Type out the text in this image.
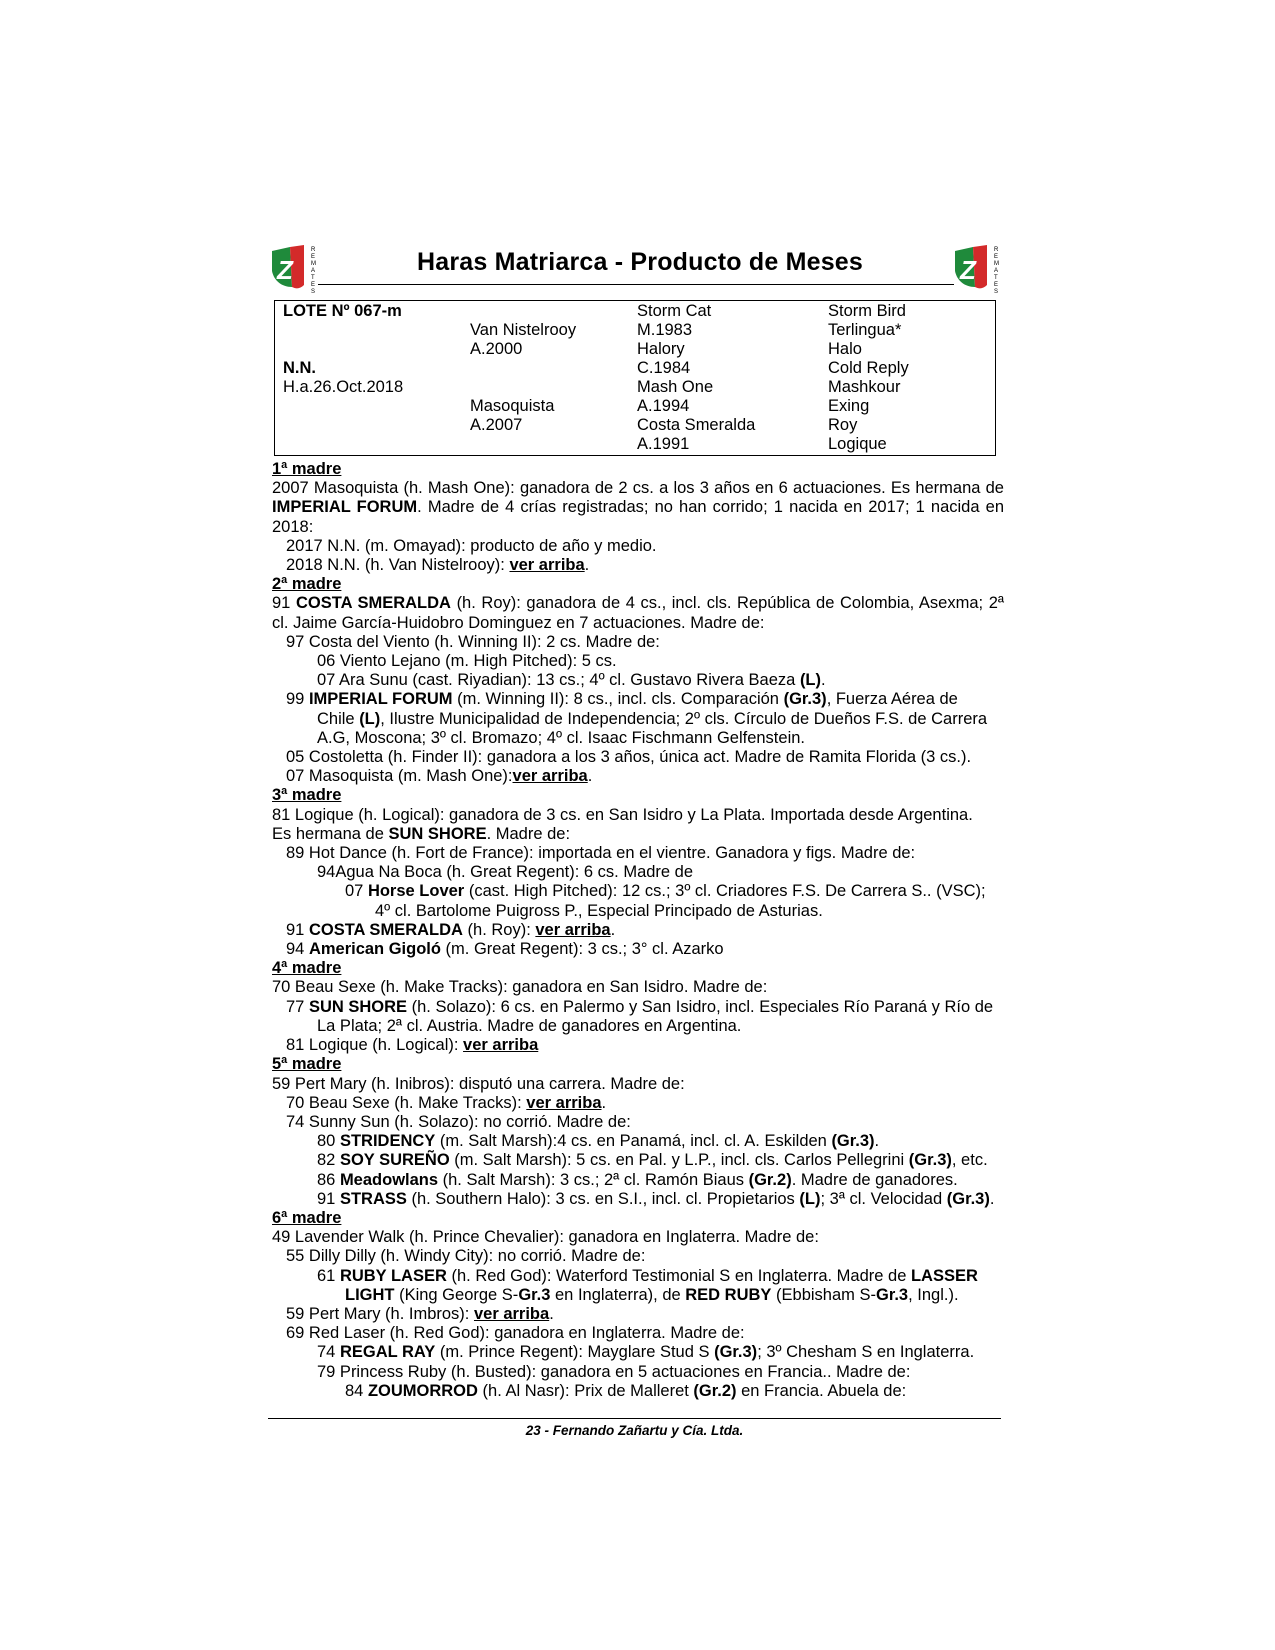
Z
R
E
M
A
T
E
S
Z
R
E
M
A
T
E
S
Haras Matriarca - Producto de Meses
LOTE Nº 067-m
N.N.
H.a.26.Oct.2018
Van Nistelrooy
A.2000
Masoquista
A.2007
Storm Cat
M.1983
Halory
C.1984
Mash One
A.1994
Costa Smeralda
A.1991
Storm Bird
Terlingua*
Halo
Cold Reply
Mashkour
Exing
Roy
Logique
1ª madre
2007 Masoquista (h. Mash One): ganadora de 2 cs. a los 3 años en 6 actuaciones. Es hermana de IMPERIAL FORUM. Madre de 4 crías registradas; no han corrido; 1 nacida en 2017; 1 nacida en 2018:
2017 N.N. (m. Omayad): producto de año y medio.
2018 N.N. (h. Van Nistelrooy): ver arriba.
2ª madre
91 COSTA SMERALDA (h. Roy): ganadora de 4 cs., incl. cls. República de Colombia, Asexma; 2ª cl. Jaime García-Huidobro Dominguez en 7 actuaciones. Madre de:
97 Costa del Viento (h. Winning II): 2 cs. Madre de:
06 Viento Lejano (m. High Pitched): 5 cs.
07 Ara Sunu (cast. Riyadian): 13 cs.; 4º cl. Gustavo Rivera Baeza (L).
99 IMPERIAL FORUM (m. Winning II): 8 cs., incl. cls. Comparación (Gr.3), Fuerza Aérea de
Chile (L), Ilustre Municipalidad de Independencia; 2º cls. Círculo de Dueños F.S. de Carrera
A.G, Moscona; 3º cl. Bromazo; 4º cl. Isaac Fischmann Gelfenstein.
05 Costoletta (h. Finder II): ganadora a los 3 años, única act. Madre de Ramita Florida (3 cs.).
07 Masoquista (m. Mash One):ver arriba.
3ª madre
81 Logique (h. Logical): ganadora de 3 cs. en San Isidro y La Plata. Importada desde Argentina.
Es hermana de SUN SHORE. Madre de:
89 Hot Dance (h. Fort de France): importada en el vientre. Ganadora y figs. Madre de:
94Agua Na Boca (h. Great Regent): 6 cs. Madre de
07 Horse Lover (cast. High Pitched): 12 cs.; 3º cl. Criadores F.S. De Carrera S.. (VSC);
4º cl. Bartolome Puigross P., Especial Principado de Asturias.
91 COSTA SMERALDA (h. Roy): ver arriba.
94 American Gigoló (m. Great Regent): 3 cs.; 3° cl. Azarko
4ª madre
70 Beau Sexe (h. Make Tracks): ganadora en San Isidro. Madre de:
77 SUN SHORE (h. Solazo): 6 cs. en Palermo y San Isidro, incl. Especiales Río Paraná y Río de
La Plata; 2ª cl. Austria. Madre de ganadores en Argentina.
81 Logique (h. Logical): ver arriba
5ª madre
59 Pert Mary (h. Inibros): disputó una carrera. Madre de:
70 Beau Sexe (h. Make Tracks): ver arriba.
74 Sunny Sun (h. Solazo): no corrió. Madre de:
80 STRIDENCY (m. Salt Marsh):4 cs. en Panamá, incl. cl. A. Eskilden (Gr.3).
82 SOY SUREÑO (m. Salt Marsh): 5 cs. en Pal. y L.P., incl. cls. Carlos Pellegrini (Gr.3), etc.
86 Meadowlans (h. Salt Marsh): 3 cs.; 2ª cl. Ramón Biaus (Gr.2). Madre de ganadores.
91 STRASS (h. Southern Halo): 3 cs. en S.I., incl. cl. Propietarios (L); 3ª cl. Velocidad (Gr.3).
6ª madre
49 Lavender Walk (h. Prince Chevalier): ganadora en Inglaterra. Madre de:
55 Dilly Dilly (h. Windy City): no corrió. Madre de:
61 RUBY LASER (h. Red God): Waterford Testimonial S en Inglaterra. Madre de LASSER
LIGHT (King George S-Gr.3 en Inglaterra), de RED RUBY (Ebbisham S-Gr.3, Ingl.).
59 Pert Mary (h. Imbros): ver arriba.
69 Red Laser (h. Red God): ganadora en Inglaterra. Madre de:
74 REGAL RAY (m. Prince Regent): Mayglare Stud S (Gr.3); 3º Chesham S en Inglaterra.
79 Princess Ruby (h. Busted): ganadora en 5 actuaciones en Francia.. Madre de:
84 ZOUMORROD (h. Al Nasr): Prix de Malleret (Gr.2) en Francia. Abuela de:
23 - Fernando Zañartu y Cía. Ltda.
